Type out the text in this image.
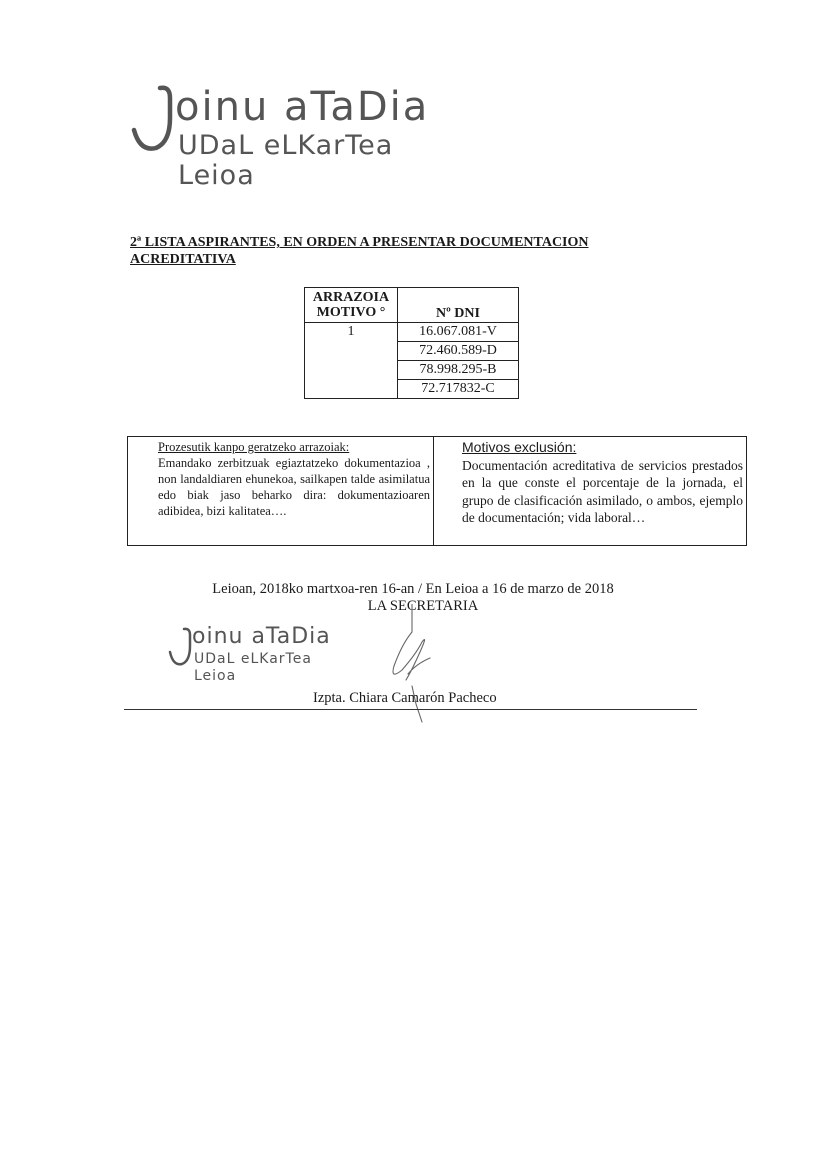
oinu aTaDia
UDaL eLKarTea
Leioa
2ª LISTA ASPIRANTES, EN ORDEN A PRESENTAR DOCUMENTACION ACREDITATIVA
ARRAZOIA
MOTIVO °	Nº DNI
1	16.067.081-V
	72.460.589-D
	78.998.295-B
	72.717832-C
Prozesutik kanpo geratzeko arrazoiak:
Emandako zerbitzuak egiaztatzeko dokumentazioa , non landaldiaren ehunekoa, sailkapen talde asimilatua edo biak jaso beharko dira: dokumentazioaren adibidea, bizi kalitatea….
Motivos exclusión:
Documentación acreditativa de servicios prestados en la que conste el porcentaje de la jornada, el grupo de clasificación asimilado, o ambos, ejemplo de documentación; vida laboral…
Leioan, 2018ko martxoa-ren 16-an / En Leioa a 16 de marzo de 2018
LA SECRETARIA
oinu aTaDia
UDaL eLKarTea
Leioa
Izpta. Chiara Camarón Pacheco
